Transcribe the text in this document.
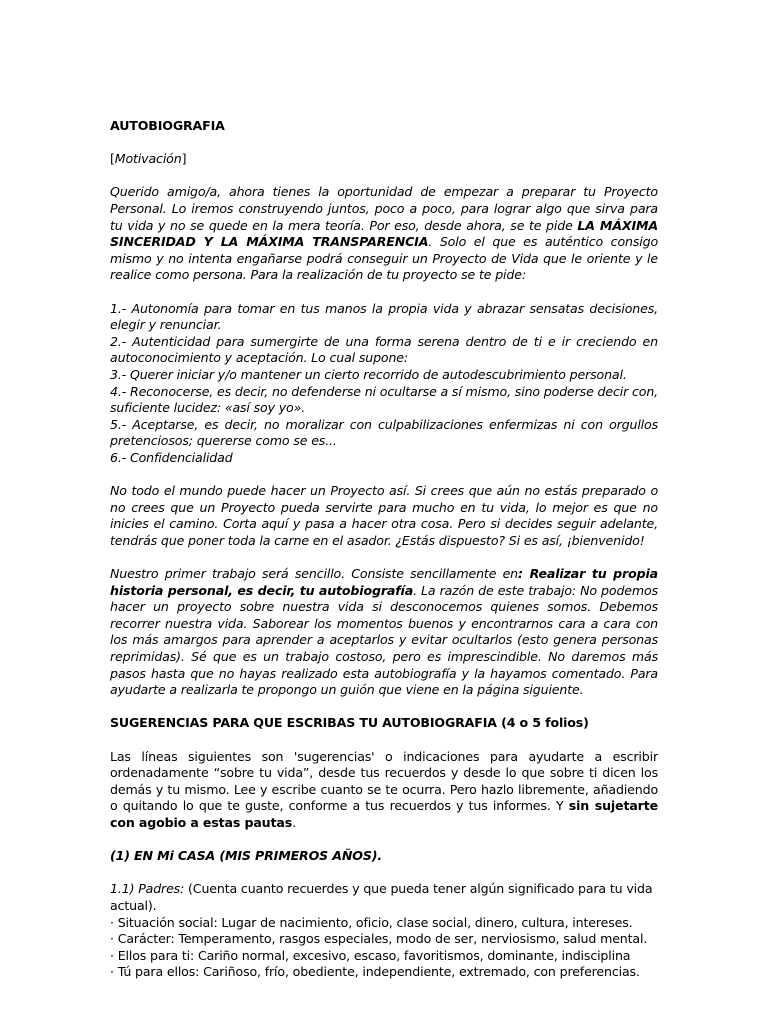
AUTOBIOGRAFIA
[Motivación]
Querido amigo/a, ahora tienes la oportunidad de empezar a preparar tu Proyecto Personal. Lo iremos construyendo juntos, poco a poco, para lograr algo que sirva para tu vida y no se quede en la mera teoría. Por eso, desde ahora, se te pide LA MÁXIMA SINCERIDAD Y LA MÁXIMA TRANSPARENCIA. Solo el que es auténtico consigo mismo y no intenta engañarse podrá conseguir un Proyecto de Vida que le oriente y le realice como persona. Para la realización de tu proyecto se te pide:
1.- Autonomía para tomar en tus manos la propia vida y abrazar sensatas decisiones, elegir y renunciar.
2.- Autenticidad para sumergirte de una forma serena dentro de ti e ir creciendo en autoconocimiento y aceptación. Lo cual supone:
3.- Querer iniciar y/o mantener un cierto recorrido de autodescubrimiento personal.
4.- Reconocerse, es decir, no defenderse ni ocultarse a sí mismo, sino poderse decir con, suficiente lucidez: «así soy yo».
5.- Aceptarse, es decir, no moralizar con culpabilizaciones enfermizas ni con orgullos pretenciosos; quererse como se es...
6.- Confidencialidad
No todo el mundo puede hacer un Proyecto así. Si crees que aún no estás preparado o no crees que un Proyecto pueda servirte para mucho en tu vida, lo mejor es que no inicies el camino. Corta aquí y pasa a hacer otra cosa. Pero si decides seguir adelante, tendrás que poner toda la carne en el asador. ¿Estás dispuesto? Si es así, ¡bienvenido!
Nuestro primer trabajo será sencillo. Consiste sencillamente en: Realizar tu propia historia personal, es decir, tu autobiografía. La razón de este trabajo: No podemos hacer un proyecto sobre nuestra vida si desconocemos quienes somos. Debemos recorrer nuestra vida. Saborear los momentos buenos y encontrarnos cara a cara con los más amargos para aprender a aceptarlos y evitar ocultarlos (esto genera personas reprimidas). Sé que es un trabajo costoso, pero es imprescindible. No daremos más pasos hasta que no hayas realizado esta autobiografía y la hayamos comentado. Para ayudarte a realizarla te propongo un guión que viene en la página siguiente.
SUGERENCIAS PARA QUE ESCRIBAS TU AUTOBIOGRAFIA (4 o 5 folios)
Las líneas siguientes son 'sugerencias' o indicaciones para ayudarte a escribir ordenadamente “sobre tu vida”, desde tus recuerdos y desde lo que sobre ti dicen los demás y tu mismo. Lee y escribe cuanto se te ocurra. Pero hazlo libremente, añadiendo o quitando lo que te guste, conforme a tus recuerdos y tus informes. Y sin sujetarte con agobio a estas pautas.
(1) EN Mi CASA (MIS PRIMEROS AÑOS).
1.1) Padres: (Cuenta cuanto recuerdes y que pueda tener algún significado para tu vida actual).
· Situación social: Lugar de nacimiento, oficio, clase social, dinero, cultura, intereses.
· Carácter: Temperamento, rasgos especiales, modo de ser, nerviosismo, salud mental.
· Ellos para ti: Cariño normal, excesivo, escaso, favoritismos, dominante, indisciplina
· Tú para ellos: Cariñoso, frío, obediente, independiente, extremado, con preferencias.
